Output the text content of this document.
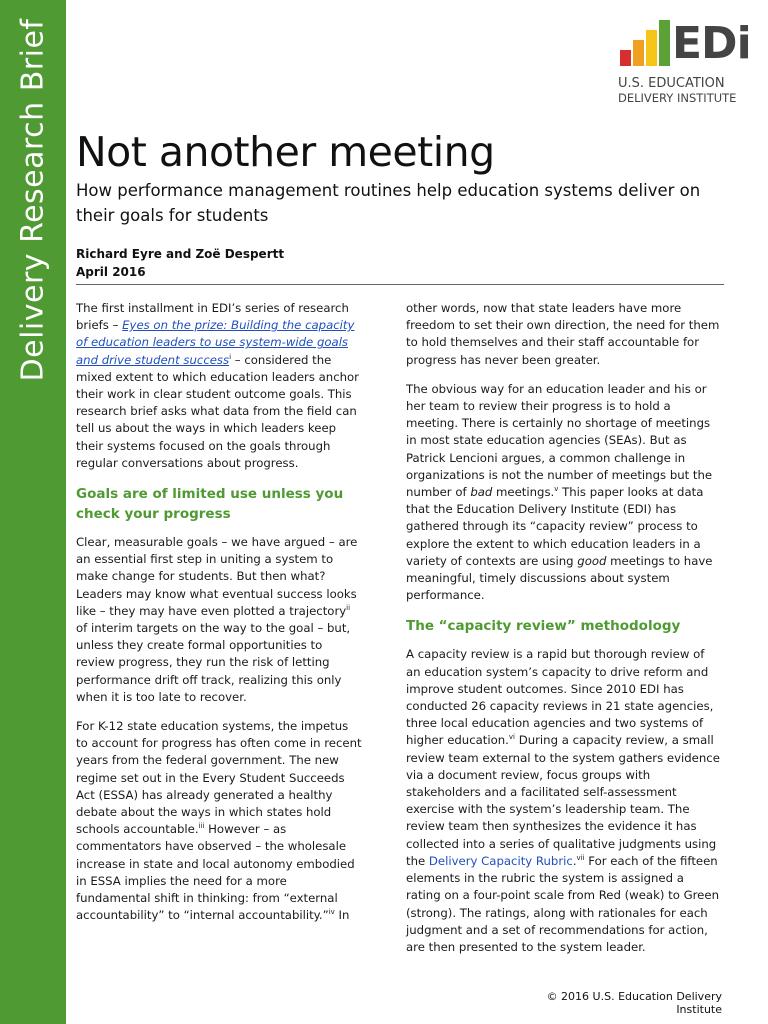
Delivery Research Brief	EDi
U.S. EDUCATION
DELIVERY INSTITUTE
Not another meeting
How performance management routines help education systems deliver on their goals for students
Richard Eyre and Zoë Despertt
April 2016

The first installment in EDI’s series of research briefs – Eyes on the prize: Building the capacity of education leaders to use system-wide goals and drive student success$^i$ – considered the mixed extent to which education leaders anchor their work in clear student outcome goals. This research brief asks what data from the field can tell us about the ways in which leaders keep their systems focused on the goals through regular conversations about progress.

Goals are of limited use unless you check your progress

Clear, measurable goals – we have argued – are an essential first step in uniting a system to make change for students. But then what? Leaders may know what eventual success looks like – they may have even plotted a trajectory$^{ii}$ of interim targets on the way to the goal – but, unless they create formal opportunities to review progress, they run the risk of letting performance drift off track, realizing this only when it is too late to recover.

For K-12 state education systems, the impetus to account for progress has often come in recent years from the federal government. The new regime set out in the Every Student Succeeds Act (ESSA) has already generated a healthy debate about the ways in which states hold schools accountable.$^{iii}$ However – as commentators have observed – the wholesale increase in state and local autonomy embodied in ESSA implies the need for a more fundamental shift in thinking: from “external accountability” to “internal accountability.”$^{iv}$ In

other words, now that state leaders have more freedom to set their own direction, the need for them to hold themselves and their staff accountable for progress has never been greater.

The obvious way for an education leader and his or her team to review their progress is to hold a meeting. There is certainly no shortage of meetings in most state education agencies (SEAs). But as Patrick Lencioni argues, a common challenge in organizations is not the number of meetings but the number of bad meetings.$^v$ This paper looks at data that the Education Delivery Institute (EDI) has gathered through its “capacity review” process to explore the extent to which education leaders in a variety of contexts are using good meetings to have meaningful, timely discussions about system performance.

The “capacity review” methodology

A capacity review is a rapid but thorough review of an education system’s capacity to drive reform and improve student outcomes. Since 2010 EDI has conducted 26 capacity reviews in 21 state agencies, three local education agencies and two systems of higher education.$^{vi}$ During a capacity review, a small review team external to the system gathers evidence via a document review, focus groups with stakeholders and a facilitated self-assessment exercise with the system’s leadership team. The review team then synthesizes the evidence it has collected into a series of qualitative judgments using the Delivery Capacity Rubric.$^{vii}$ For each of the fifteen elements in the rubric the system is assigned a rating on a four-point scale from Red (weak) to Green (strong). The ratings, along with rationales for each judgment and a set of recommendations for action, are then presented to the system leader.

© 2016 U.S. Education Delivery Institute
